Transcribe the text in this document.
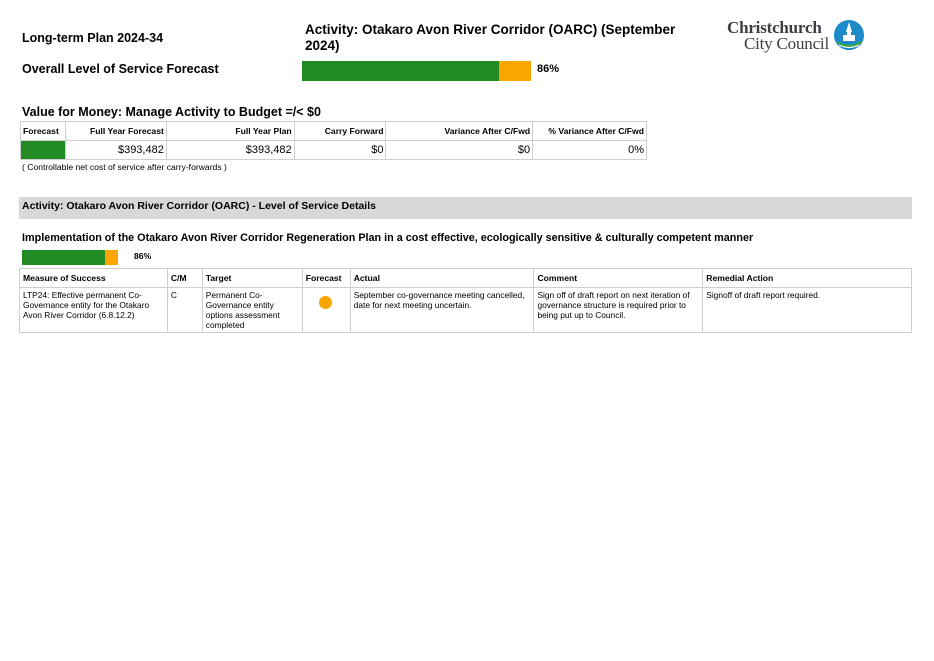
Long-term Plan 2024-34
Activity: Otakaro Avon River Corridor (OARC) (September 2024)
Overall Level of Service Forecast	86%
Christchurch
City Council
Value for Money: Manage Activity to Budget =/< $0
Forecast	Full Year Forecast	Full Year Plan	Carry Forward	Variance After C/Fwd	% Variance After C/Fwd
	$393,482	$393,482	$0	$0	0%
( Controllable net cost of service after carry-forwards )
Activity: Otakaro Avon River Corridor (OARC) - Level of Service Details
Implementation of the Otakaro Avon River Corridor Regeneration Plan in a cost effective, ecologically sensitive & culturally competent manner
86%
Measure of Success	C/M	Target	Forecast	Actual	Comment	Remedial Action
LTP24: Effective permanent Co-Governance entity for the Otakaro Avon River Corridor (6.8.12.2)	C	Permanent Co-Governance entity options assessment completed		September co-governance meeting cancelled, date for next meeting uncertain.	Sign off of draft report on next iteration of governance structure is required prior to being put up to Council.	Signoff of draft report required.
